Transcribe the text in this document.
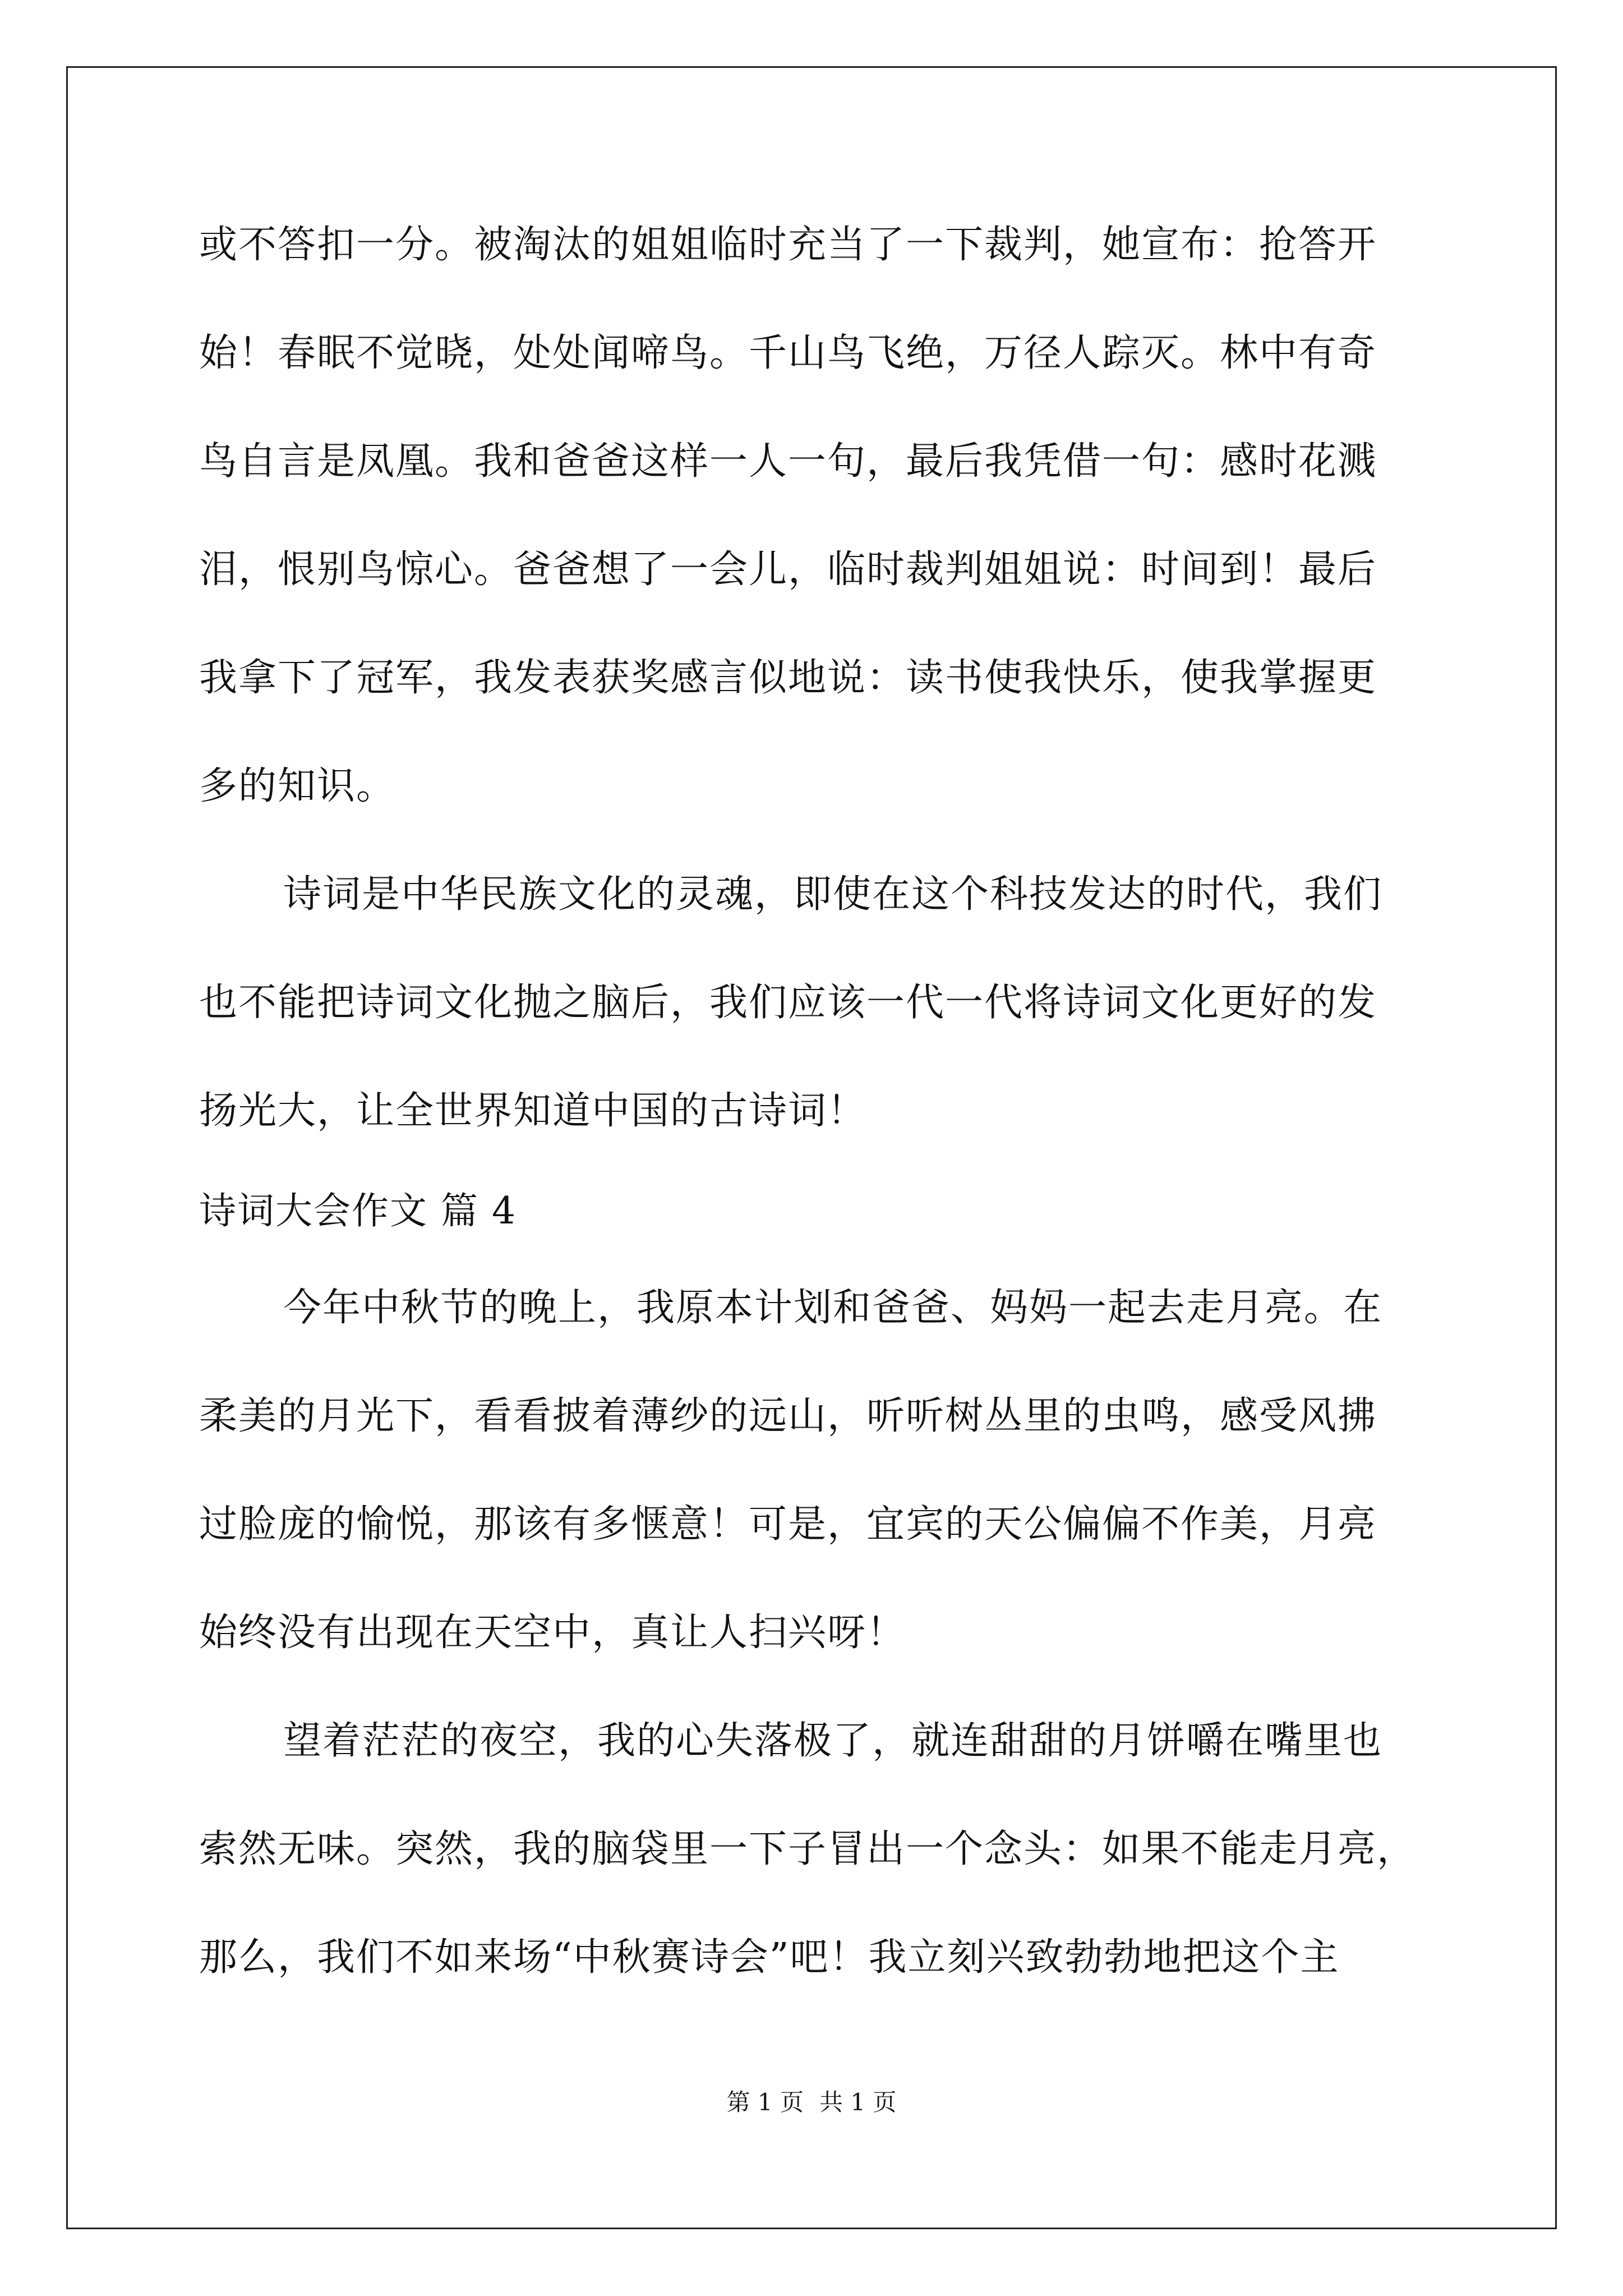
或不答扣一分。被淘汰的姐姐临时充当了一下裁判，她宣布：抢答开
始！春眠不觉晓，处处闻啼鸟。千山鸟飞绝，万径人踪灭。林中有奇
鸟自言是凤凰。我和爸爸这样一人一句，最后我凭借一句：感时花溅
泪，恨别鸟惊心。爸爸想了一会儿，临时裁判姐姐说：时间到！最后
我拿下了冠军，我发表获奖感言似地说：读书使我快乐，使我掌握更
多的知识。
诗词是中华民族文化的灵魂，即使在这个科技发达的时代，我们
也不能把诗词文化抛之脑后，我们应该一代一代将诗词文化更好的发
扬光大，让全世界知道中国的古诗词！
诗词大会作文 篇 4
今年中秋节的晚上，我原本计划和爸爸、妈妈一起去走月亮。在
柔美的月光下，看看披着薄纱的远山，听听树丛里的虫鸣，感受风拂
过脸庞的愉悦，那该有多惬意！可是，宜宾的天公偏偏不作美，月亮
始终没有出现在天空中，真让人扫兴呀！
望着茫茫的夜空，我的心失落极了，就连甜甜的月饼嚼在嘴里也
索然无味。突然，我的脑袋里一下子冒出一个念头：如果不能走月亮，
那么，我们不如来场“中秋赛诗会”吧！我立刻兴致勃勃地把这个主
第 1 页 共 1 页
